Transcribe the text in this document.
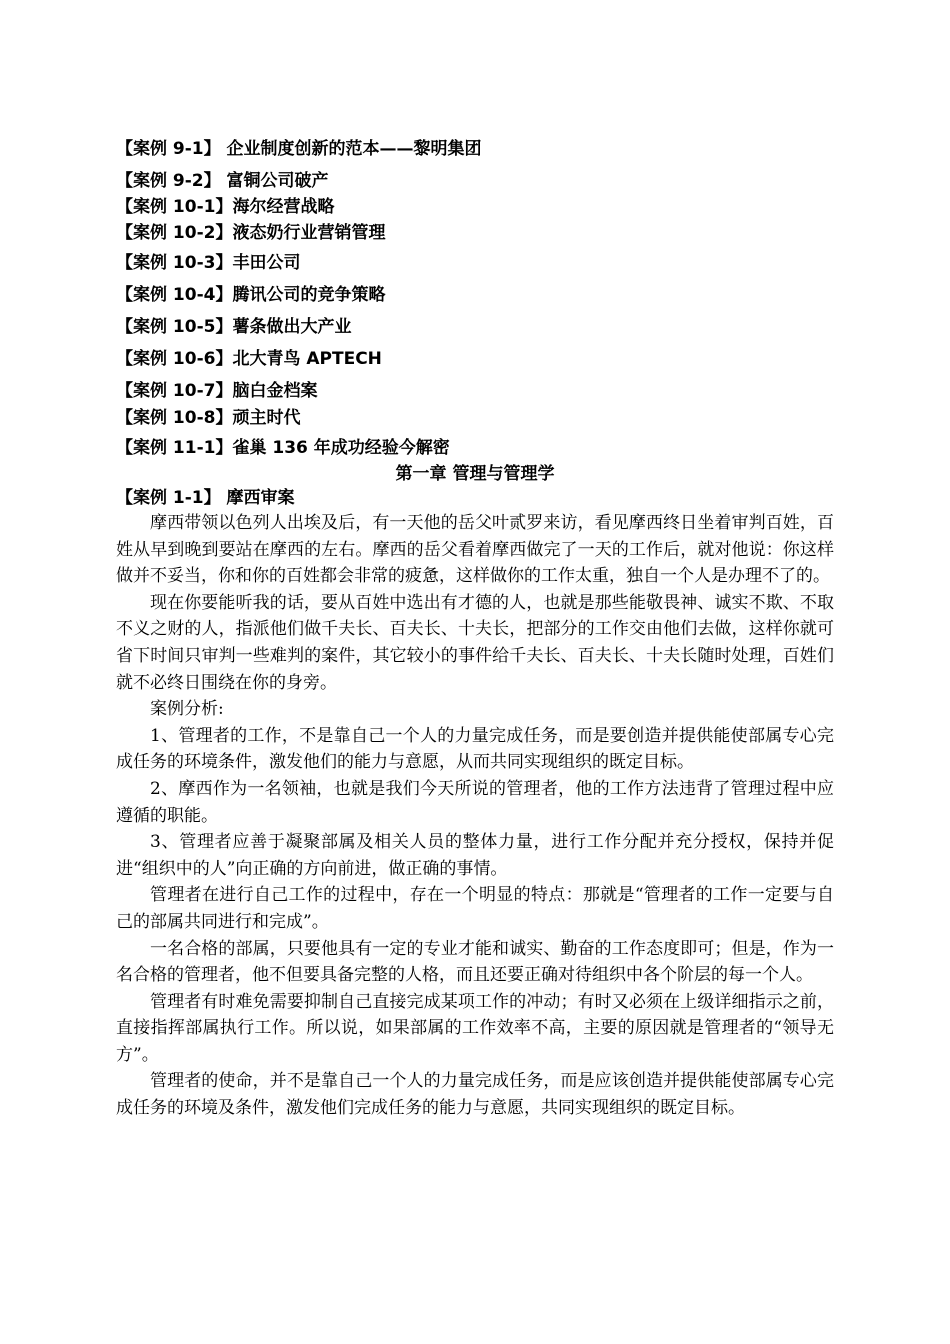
【案例 9-1】 企业制度创新的范本——黎明集团
【案例 9-2】 富铜公司破产
【案例 10-1】海尔经营战略
【案例 10-2】液态奶行业营销管理
【案例 10-3】丰田公司
【案例 10-4】腾讯公司的竞争策略
【案例 10-5】薯条做出大产业
【案例 10-6】北大青鸟 APTECH
【案例 10-7】脑白金档案
【案例 10-8】顽主时代
【案例 11-1】雀巢 136 年成功经验今解密
第一章 管理与管理学
【案例 1-1】 摩西审案

摩西带领以色列人出埃及后，有一天他的岳父叶贰罗来访，看见摩西终日坐着审判百姓，百姓从早到晚到要站在摩西的左右。摩西的岳父看着摩西做完了一天的工作后，就对他说：你这样做并不妥当，你和你的百姓都会非常的疲惫，这样做你的工作太重，独自一个人是办理不了的。

现在你要能听我的话，要从百姓中选出有才德的人，也就是那些能敬畏神、诚实不欺、不取不义之财的人，指派他们做千夫长、百夫长、十夫长，把部分的工作交由他们去做，这样你就可省下时间只审判一些难判的案件，其它较小的事件给千夫长、百夫长、十夫长随时处理，百姓们就不必终日围绕在你的身旁。

案例分析:

1、管理者的工作，不是靠自己一个人的力量完成任务，而是要创造并提供能使部属专心完成任务的环境条件，激发他们的能力与意愿，从而共同实现组织的既定目标。

2、摩西作为一名领袖，也就是我们今天所说的管理者，他的工作方法违背了管理过程中应遵循的职能。

3、管理者应善于凝聚部属及相关人员的整体力量，进行工作分配并充分授权，保持并促进“组织中的人”向正确的方向前进，做正确的事情。

管理者在进行自己工作的过程中，存在一个明显的特点：那就是“管理者的工作一定要与自己的部属共同进行和完成”。

一名合格的部属，只要他具有一定的专业才能和诚实、勤奋的工作态度即可；但是，作为一名合格的管理者，他不但要具备完整的人格，而且还要正确对待组织中各个阶层的每一个人。

管理者有时难免需要抑制自己直接完成某项工作的冲动；有时又必须在上级详细指示之前，直接指挥部属执行工作。所以说，如果部属的工作效率不高，主要的原因就是管理者的“领导无方”。

管理者的使命，并不是靠自己一个人的力量完成任务，而是应该创造并提供能使部属专心完成任务的环境及条件，激发他们完成任务的能力与意愿，共同实现组织的既定目标。
